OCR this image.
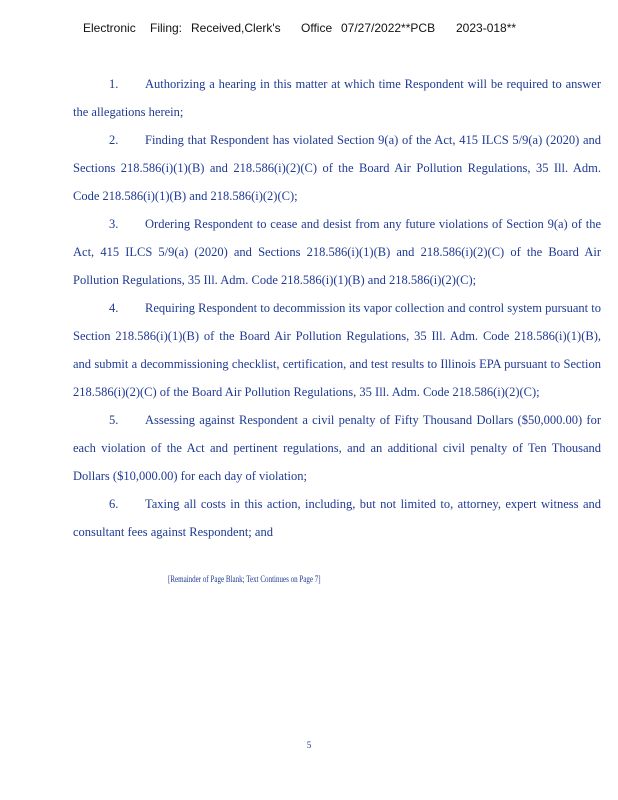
Electronic Filing: Received,Clerk's Office 07/27/2022**PCB 2023-018**

1. Authorizing a hearing in this matter at which time Respondent will be required to answer the allegations herein;

2. Finding that Respondent has violated Section 9(a) of the Act, 415 ILCS 5/9(a) (2020) and Sections 218.586(i)(1)(B) and 218.586(i)(2)(C) of the Board Air Pollution Regulations, 35 Ill. Adm. Code 218.586(i)(1)(B) and 218.586(i)(2)(C);

3. Ordering Respondent to cease and desist from any future violations of Section 9(a) of the Act, 415 ILCS 5/9(a) (2020) and Sections 218.586(i)(1)(B) and 218.586(i)(2)(C) of the Board Air Pollution Regulations, 35 Ill. Adm. Code 218.586(i)(1)(B) and 218.586(i)(2)(C);

4. Requiring Respondent to decommission its vapor collection and control system pursuant to Section 218.586(i)(1)(B) of the Board Air Pollution Regulations, 35 Ill. Adm. Code 218.586(i)(1)(B), and submit a decommissioning checklist, certification, and test results to Illinois EPA pursuant to Section 218.586(i)(2)(C) of the Board Air Pollution Regulations, 35 Ill. Adm. Code 218.586(i)(2)(C);

5. Assessing against Respondent a civil penalty of Fifty Thousand Dollars ($50,000.00) for each violation of the Act and pertinent regulations, and an additional civil penalty of Ten Thousand Dollars ($10,000.00) for each day of violation;

6. Taxing all costs in this action, including, but not limited to, attorney, expert witness and consultant fees against Respondent; and

[Remainder of Page Blank; Text Continues on Page 7]
5
